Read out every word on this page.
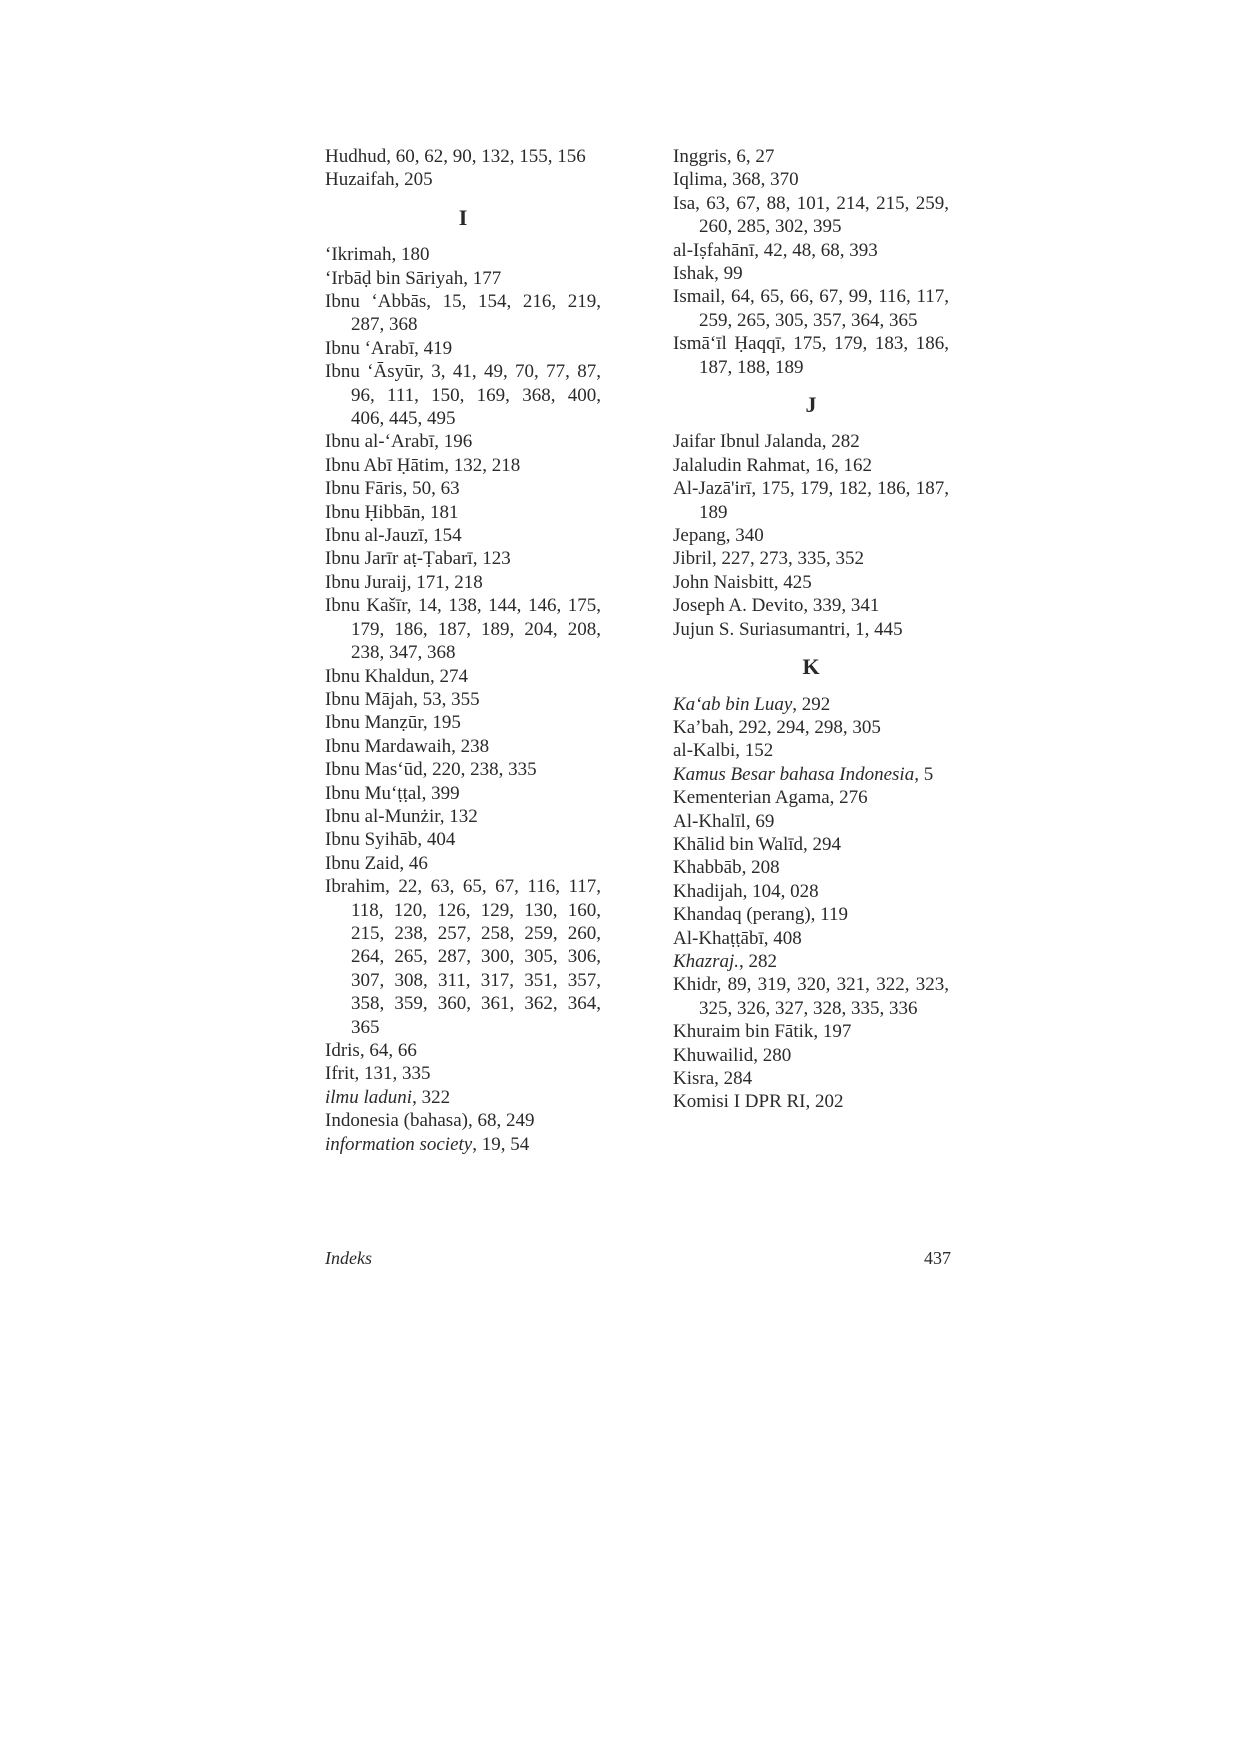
Hudhud, 60, 62, 90, 132, 155, 156
Huzaifah, 205
I
‘Ikrimah, 180
‘Irbāḍ bin Sāriyah, 177
Ibnu ‘Abbās, 15, 154, 216, 219, 287, 368
Ibnu ‘Arabī, 419
Ibnu ‘Āsyūr, 3, 41, 49, 70, 77, 87, 96, 111, 150, 169, 368, 400, 406, 445, 495
Ibnu al-‘Arabī, 196
Ibnu Abī Ḥātim, 132, 218
Ibnu Fāris, 50, 63
Ibnu Ḥibbān, 181
Ibnu al-Jauzī, 154
Ibnu Jarīr aṭ-Ṭabarī, 123
Ibnu Juraij, 171, 218
Ibnu Kašīr, 14, 138, 144, 146, 175, 179, 186, 187, 189, 204, 208, 238, 347, 368
Ibnu Khaldun, 274
Ibnu Mājah, 53, 355
Ibnu Manẓūr, 195
Ibnu Mardawaih, 238
Ibnu Mas‘ūd, 220, 238, 335
Ibnu Mu‘ṭṭal, 399
Ibnu al-Munżir, 132
Ibnu Syihāb, 404
Ibnu Zaid, 46
Ibrahim, 22, 63, 65, 67, 116, 117, 118, 120, 126, 129, 130, 160, 215, 238, 257, 258, 259, 260, 264, 265, 287, 300, 305, 306, 307, 308, 311, 317, 351, 357, 358, 359, 360, 361, 362, 364, 365
Idris, 64, 66
Ifrit, 131, 335
ilmu laduni, 322
Indonesia (bahasa), 68, 249
information society, 19, 54
Inggris, 6, 27
Iqlima, 368, 370
Isa, 63, 67, 88, 101, 214, 215, 259, 260, 285, 302, 395
al-Iṣfahānī, 42, 48, 68, 393
Ishak, 99
Ismail, 64, 65, 66, 67, 99, 116, 117, 259, 265, 305, 357, 364, 365
Ismā‘īl Ḥaqqī, 175, 179, 183, 186, 187, 188, 189
J
Jaifar Ibnul Jalanda, 282
Jalaludin Rahmat, 16, 162
Al-Jazā'irī, 175, 179, 182, 186, 187, 189
Jepang, 340
Jibril, 227, 273, 335, 352
John Naisbitt, 425
Joseph A. Devito, 339, 341
Jujun S. Suriasumantri, 1, 445
K
Ka‘ab bin Luay, 292
Ka’bah, 292, 294, 298, 305
al-Kalbi, 152
Kamus Besar bahasa Indonesia, 5
Kementerian Agama, 276
Al-Khalīl, 69
Khālid bin Walīd, 294
Khabbāb, 208
Khadijah, 104, 028
Khandaq (perang), 119
Al-Khaṭṭābī, 408
Khazraj., 282
Khidr, 89, 319, 320, 321, 322, 323, 325, 326, 327, 328, 335, 336
Khuraim bin Fātik, 197
Khuwailid, 280
Kisra, 284
Komisi I DPR RI, 202
Indeks	437
